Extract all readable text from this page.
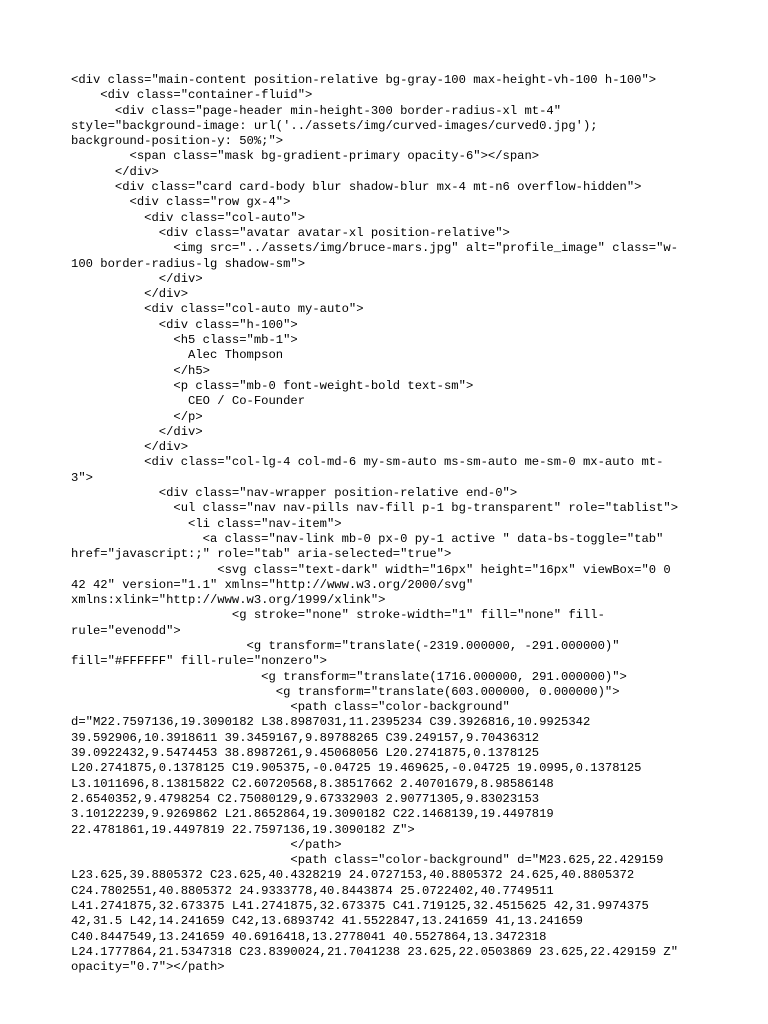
<div class="main-content position-relative bg-gray-100 max-height-vh-100 h-100">
<div class="container-fluid">
<div class="page-header min-height-300 border-radius-xl mt-4"
style="background-image: url('../assets/img/curved-images/curved0.jpg');
background-position-y: 50%;">
<span class="mask bg-gradient-primary opacity-6"></span>
</div>
<div class="card card-body blur shadow-blur mx-4 mt-n6 overflow-hidden">
<div class="row gx-4">
<div class="col-auto">
<div class="avatar avatar-xl position-relative">
<img src="../assets/img/bruce-mars.jpg" alt="profile_image" class="w-
100 border-radius-lg shadow-sm">
</div>
</div>
<div class="col-auto my-auto">
<div class="h-100">
<h5 class="mb-1">
Alec Thompson
</h5>
<p class="mb-0 font-weight-bold text-sm">
CEO / Co-Founder
</p>
</div>
</div>
<div class="col-lg-4 col-md-6 my-sm-auto ms-sm-auto me-sm-0 mx-auto mt-
3">
<div class="nav-wrapper position-relative end-0">
<ul class="nav nav-pills nav-fill p-1 bg-transparent" role="tablist">
<li class="nav-item">
<a class="nav-link mb-0 px-0 py-1 active " data-bs-toggle="tab"
href="javascript:;" role="tab" aria-selected="true">
<svg class="text-dark" width="16px" height="16px" viewBox="0 0
42 42" version="1.1" xmlns="http://www.w3.org/2000/svg"
xmlns:xlink="http://www.w3.org/1999/xlink">
<g stroke="none" stroke-width="1" fill="none" fill-
rule="evenodd">
<g transform="translate(-2319.000000, -291.000000)"
fill="#FFFFFF" fill-rule="nonzero">
<g transform="translate(1716.000000, 291.000000)">
<g transform="translate(603.000000, 0.000000)">
<path class="color-background"
d="M22.7597136,19.3090182 L38.8987031,11.2395234 C39.3926816,10.9925342
39.592906,10.3918611 39.3459167,9.89788265 C39.249157,9.70436312
39.0922432,9.5474453 38.8987261,9.45068056 L20.2741875,0.1378125
L20.2741875,0.1378125 C19.905375,-0.04725 19.469625,-0.04725 19.0995,0.1378125
L3.1011696,8.13815822 C2.60720568,8.38517662 2.40701679,8.98586148
2.6540352,9.4798254 C2.75080129,9.67332903 2.90771305,9.83023153
3.10122239,9.9269862 L21.8652864,19.3090182 C22.1468139,19.4497819
22.4781861,19.4497819 22.7597136,19.3090182 Z">
</path>
<path class="color-background" d="M23.625,22.429159
L23.625,39.8805372 C23.625,40.4328219 24.0727153,40.8805372 24.625,40.8805372
C24.7802551,40.8805372 24.9333778,40.8443874 25.0722402,40.7749511
L41.2741875,32.673375 L41.2741875,32.673375 C41.719125,32.4515625 42,31.9974375
42,31.5 L42,14.241659 C42,13.6893742 41.5522847,13.241659 41,13.241659
C40.8447549,13.241659 40.6916418,13.2778041 40.5527864,13.3472318
L24.1777864,21.5347318 C23.8390024,21.7041238 23.625,22.0503869 23.625,22.429159 Z"
opacity="0.7"></path>
